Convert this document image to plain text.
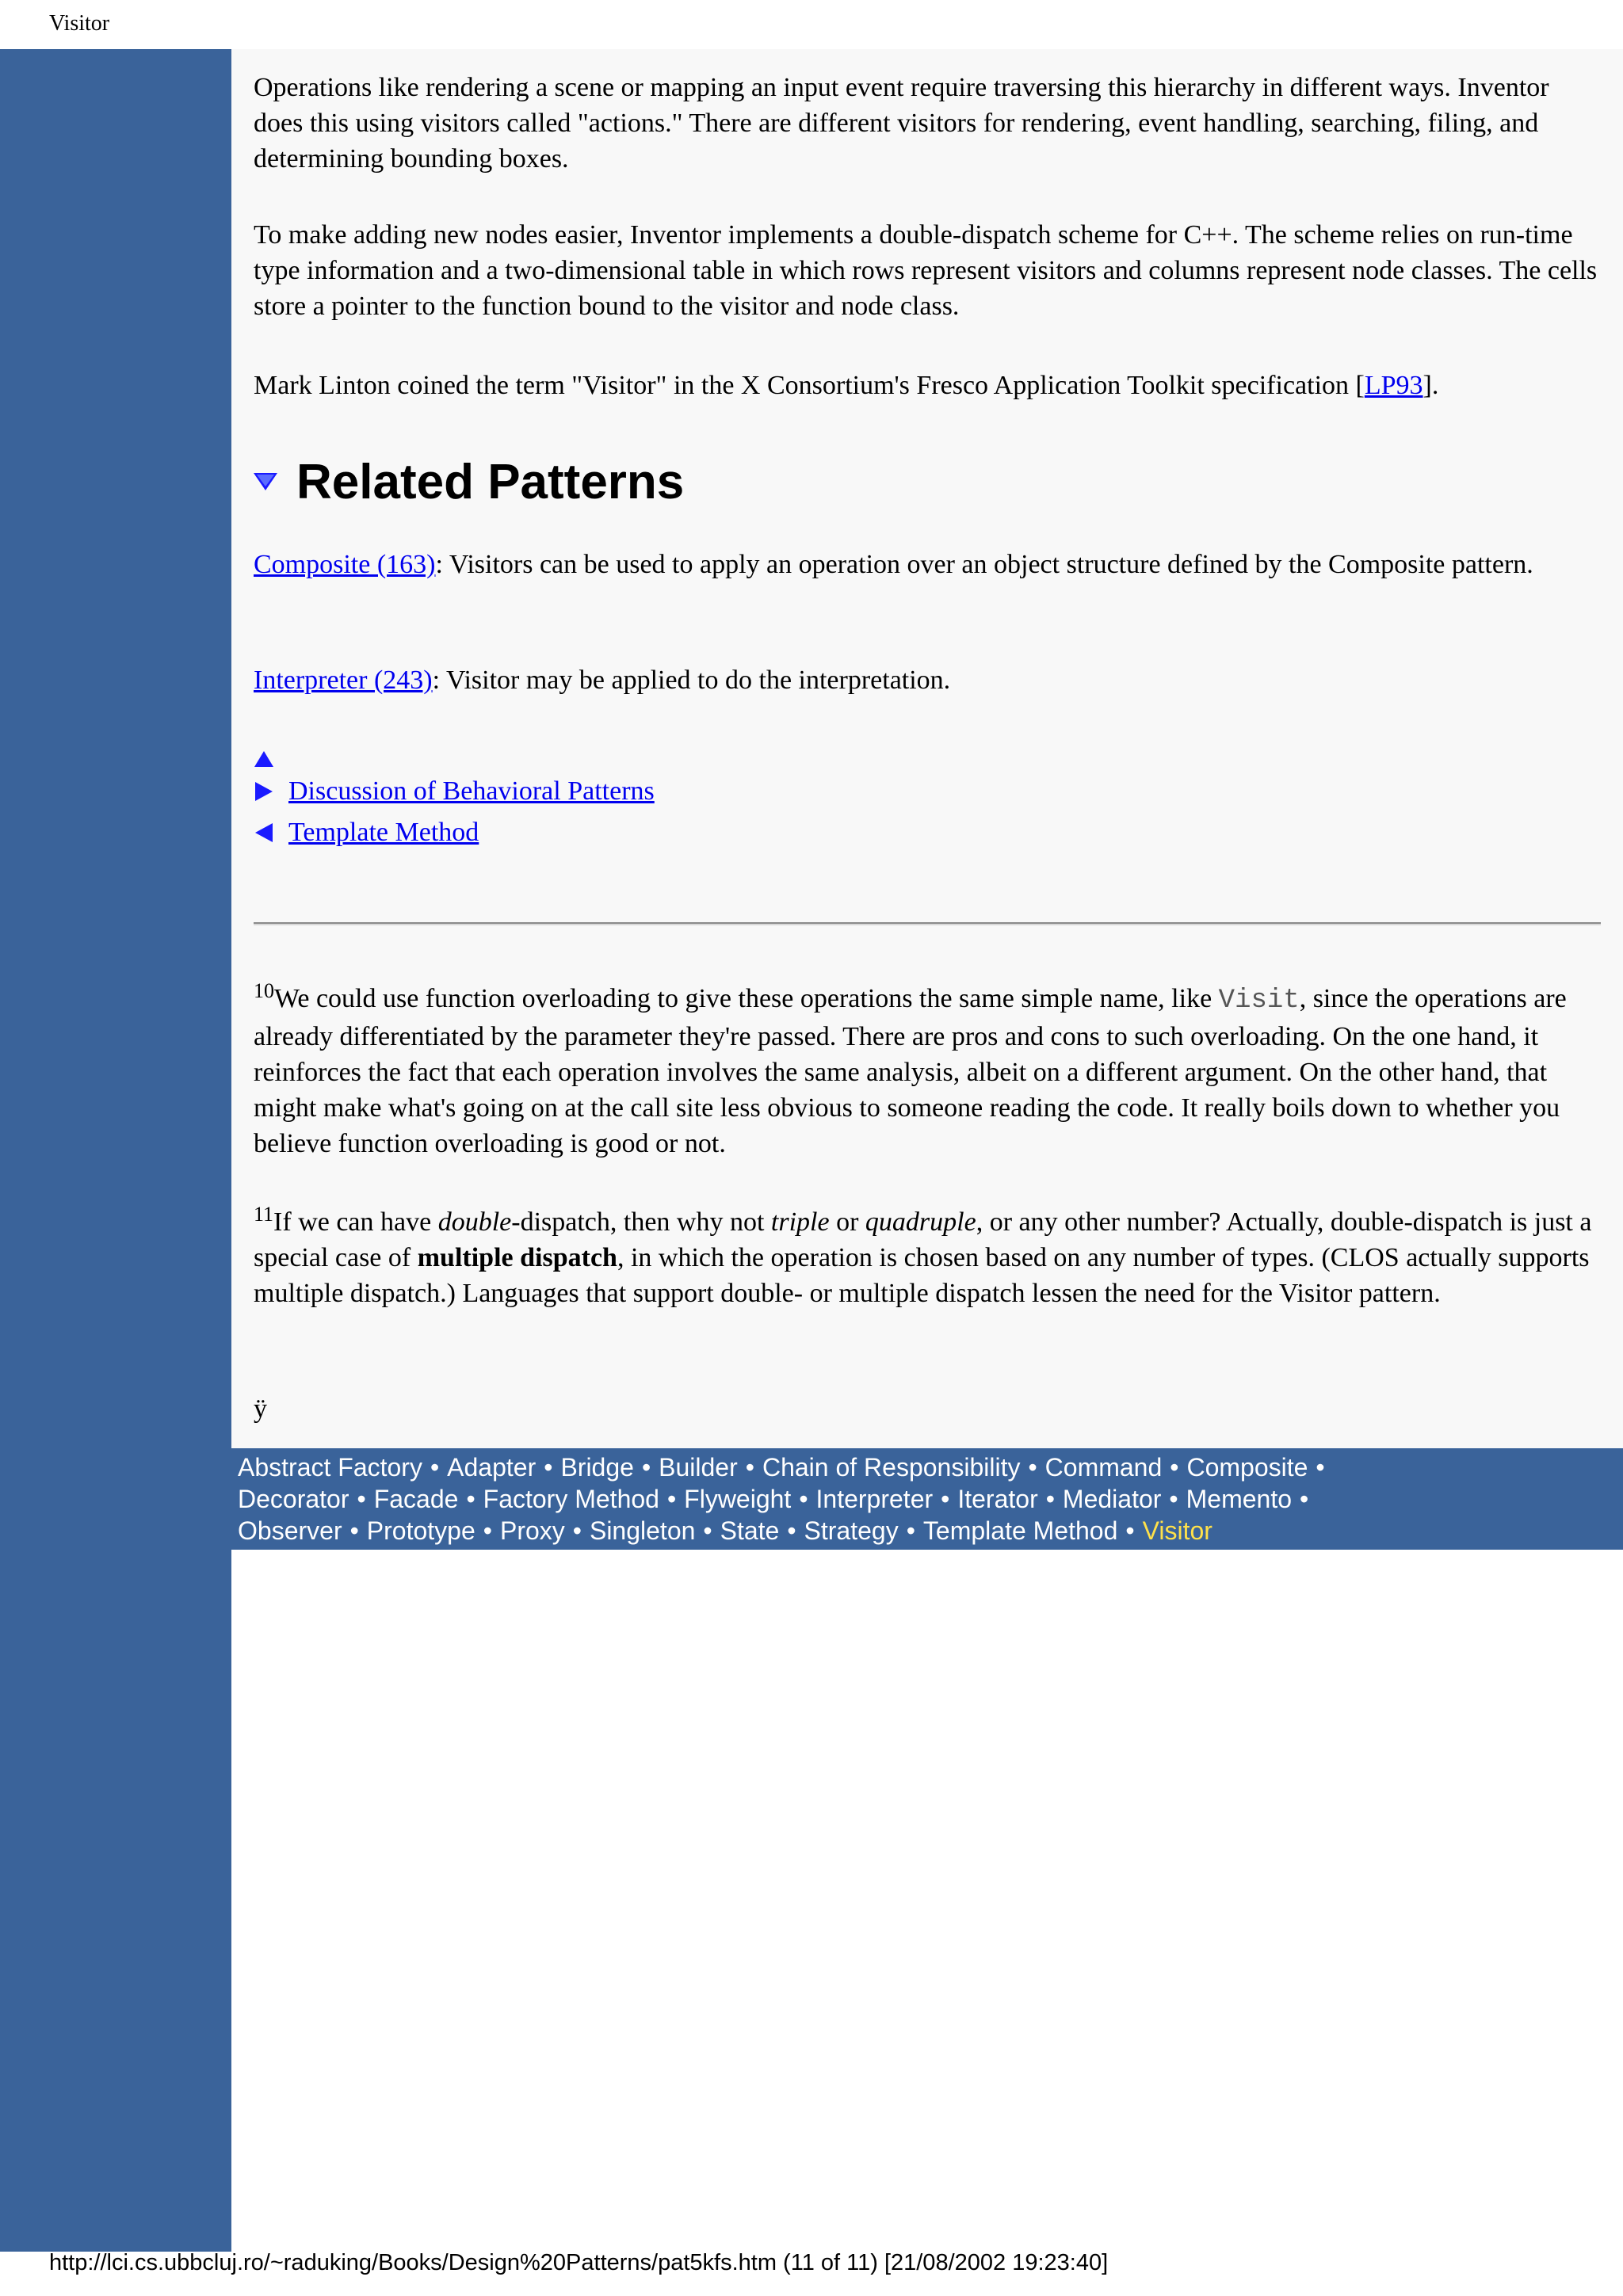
Visitor

Operations like rendering a scene or mapping an input event require traversing this hierarchy in different ways. Inventor does this using visitors called "actions." There are different visitors for rendering, event handling, searching, filing, and determining bounding boxes.

To make adding new nodes easier, Inventor implements a double-dispatch scheme for C++. The scheme relies on run-time type information and a two-dimensional table in which rows represent visitors and columns represent node classes. The cells store a pointer to the function bound to the visitor and node class.

Mark Linton coined the term "Visitor" in the X Consortium's Fresco Application Toolkit specification [LP93].

Related Patterns

Composite (163): Visitors can be used to apply an operation over an object structure defined by the Composite pattern.

Interpreter (243): Visitor may be applied to do the interpretation.

Discussion of Behavioral Patterns
Template Method

$^{10}$We could use function overloading to give these operations the same simple name, like Visit, since the operations are already differentiated by the parameter they're passed. There are pros and cons to such overloading. On the one hand, it reinforces the fact that each operation involves the same analysis, albeit on a different argument. On the other hand, that might make what's going on at the call site less obvious to someone reading the code. It really boils down to whether you believe function overloading is good or not.

$^{11}$If we can have double-dispatch, then why not triple or quadruple, or any other number? Actually, double-dispatch is just a special case of multiple dispatch, in which the operation is chosen based on any number of types. (CLOS actually supports multiple dispatch.) Languages that support double- or multiple dispatch lessen the need for the Visitor pattern.

ÿ
Abstract Factory • Adapter • Bridge • Builder • Chain of Responsibility • Command • Composite •
Decorator • Facade • Factory Method • Flyweight • Interpreter • Iterator • Mediator • Memento •
Observer • Prototype • Proxy • Singleton • State • Strategy • Template Method • Visitor
http://lci.cs.ubbcluj.ro/~raduking/Books/Design%20Patterns/pat5kfs.htm (11 of 11) [21/08/2002 19:23:40]
